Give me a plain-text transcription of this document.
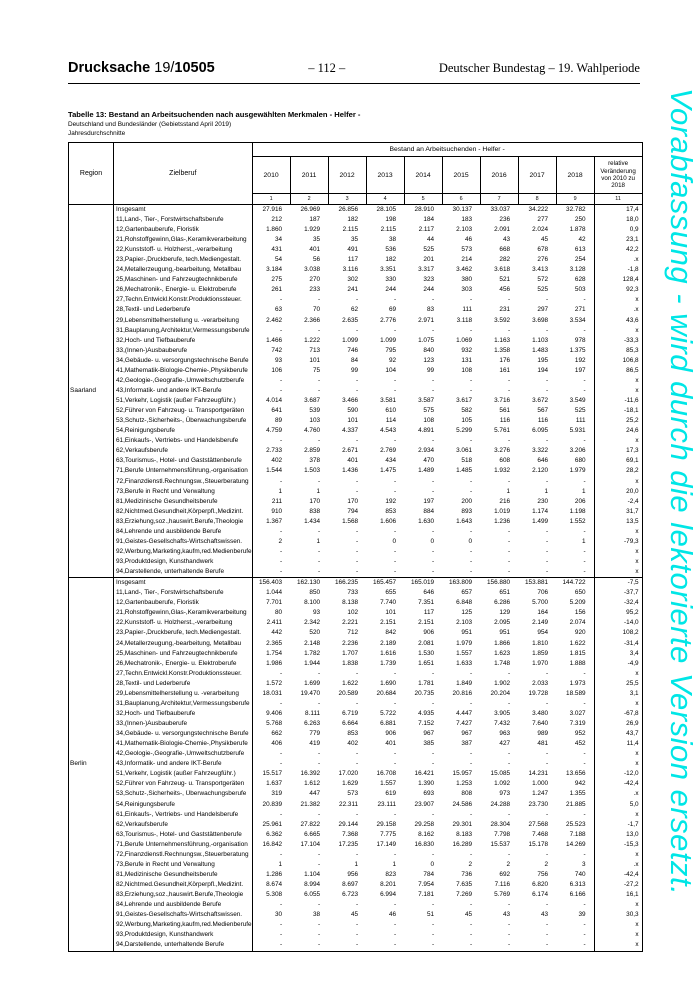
Drucksache 19/10505	– 112 –	Deutscher Bundestag – 19. Wahlperiode
Vorabfassung - wird durch die lektorierte Version ersetzt.
Tabelle 13: Bestand an Arbeitsuchenden nach ausgewählten Merkmalen - Helfer -
Deutschland und Bundesländer (Gebietsstand April 2019)
Jahresdurchschnitte
Region	Zielberuf	Bestand an Arbeitsuchenden - Helfer -									
		2010	2011	2012	2013	2014	2015	2016	2017	2018	relative Veränderung von 2010 zu 2018
		1	2	3	4	5	6	7	8	9	11
Saarland	Insgesamt	27.916	26.969	26.856	28.105	28.910	30.137	33.037	34.222	32.782	17,4
	11,Land-, Tier-, Forstwirtschaftsberufe	212	187	182	198	184	183	236	277	250	18,0
	12,Gartenbauberufe, Floristik	1.860	1.929	2.115	2.115	2.117	2.103	2.091	2.024	1.878	0,9
	21,Rohstoffgewinn,Glas-,Keramikverarbeitung	34	35	35	38	44	46	43	45	42	23,1
	22,Kunststoff- u. Holzherst.,-verarbeitung	431	401	491	536	525	573	668	678	613	42,2
	23,Papier-,Druckberufe, tech.Mediengestalt.	54	56	117	182	201	214	282	276	254	.x
	24,Metallerzeugung,-bearbeitung, Metallbau	3.184	3.038	3.116	3.351	3.317	3.462	3.618	3.413	3.128	-1,8
	25,Maschinen- und Fahrzeugtechnikberufe	275	270	302	330	323	380	521	572	628	128,4
	26,Mechatronik-, Energie- u. Elektroberufe	261	233	241	244	244	303	456	525	503	92,3
	27,Techn.Entwickl.Konstr.Produktionssteuer.	-	-	-	-	-	-	-	-	-	x
	28,Textil- und Lederberufe	63	70	62	69	83	111	231	297	271	.x
	29,Lebensmittelherstellung u. -verarbeitung	2.462	2.366	2.635	2.776	2.971	3.118	3.592	3.698	3.534	43,6
	31,Bauplanung,Architektur,Vermessungsberufe	-	-	-	-	-	-	-	-	-	x
	32,Hoch- und Tiefbauberufe	1.466	1.222	1.099	1.099	1.075	1.069	1.163	1.103	978	-33,3
	33,(Innen-)Ausbauberufe	742	713	746	795	840	932	1.358	1.483	1.375	85,3
	34,Gebäude- u. versorgungstechnische Berufe	93	101	84	92	123	131	176	195	192	106,8
	41,Mathematik-Biologie-Chemie-,Physikberufe	106	75	99	104	99	108	161	194	197	86,5
	42,Geologie-,Geografie-,Umweltschutzberufe	-	-	-	-	-	-	-	-	-	x
	43,Informatik- und andere IKT-Berufe	-	-	-	-	-	-	-	-	-	x
	51,Verkehr, Logistik (außer Fahrzeugführ.)	4.014	3.687	3.466	3.581	3.587	3.617	3.716	3.672	3.549	-11,6
	52,Führer von Fahrzeug- u. Transportgeräten	641	539	590	610	575	582	561	567	525	-18,1
	53,Schutz-,Sicherheits-, Überwachungsberufe	89	103	101	114	108	105	116	116	111	25,2
	54,Reinigungsberufe	4.759	4.760	4.337	4.543	4.891	5.299	5.761	6.095	5.931	24,6
	61,Einkaufs-, Vertriebs- und Handelsberufe	-	-	-	-	-	-	-	-	-	x
	62,Verkaufsberufe	2.733	2.859	2.671	2.769	2.934	3.061	3.276	3.322	3.206	17,3
	63,Tourismus-, Hotel- und Gaststättenberufe	402	378	401	434	470	518	608	646	680	69,1
	71,Berufe Unternehmensführung,-organisation	1.544	1.503	1.436	1.475	1.489	1.485	1.932	2.120	1.979	28,2
	72,Finanzdienstl.Rechnungsw.,Steuerberatung	-	-	-	-	-	-	-	-	-	x
	73,Berufe in Recht und Verwaltung	1	1	-	-	-	-	1	1	1	20,0
	81,Medizinische Gesundheitsberufe	211	170	170	192	197	200	216	230	206	-2,4
	82,Nichtmed.Gesundheit,Körperpfl.,Medizint.	910	838	794	853	884	893	1.019	1.174	1.198	31,7
	83,Erziehung,soz.,hauswirt.Berufe,Theologie	1.367	1.434	1.568	1.606	1.630	1.643	1.236	1.499	1.552	13,5
	84,Lehrende und ausbildende Berufe	-	-	-	-	-	-	-	-	-	x
	91,Geistes-Gesellschafts-Wirtschaftswissen.	2	1	-	0	0	0	-	-	1	-79,3
	92,Werbung,Marketing,kaufm,red.Medienberufe	-	-	-	-	-	-	-	-	-	x
	93,Produktdesign, Kunsthandwerk	-	-	-	-	-	-	-	-	-	x
	94,Darstellende, unterhaltende Berufe	-	-	-	-	-	-	-	-	-	x
Berlin	Insgesamt	156.403	162.130	166.235	165.457	165.019	163.809	156.880	153.881	144.722	-7,5
	11,Land-, Tier-, Forstwirtschaftsberufe	1.044	850	733	655	646	657	651	706	650	-37,7
	12,Gartenbauberufe, Floristik	7.701	8.100	8.138	7.740	7.351	6.848	6.286	5.700	5.209	-32,4
	21,Rohstoffgewinn,Glas-,Keramikverarbeitung	80	93	102	101	117	125	129	164	156	95,2
	22,Kunststoff- u. Holzherst.,-verarbeitung	2.411	2.342	2.221	2.151	2.151	2.103	2.095	2.149	2.074	-14,0
	23,Papier-,Druckberufe, tech.Mediengestalt.	442	520	712	842	906	951	951	954	920	108,2
	24,Metallerzeugung,-bearbeitung, Metallbau	2.365	2.148	2.236	2.189	2.081	1.979	1.866	1.810	1.622	-31,4
	25,Maschinen- und Fahrzeugtechnikberufe	1.754	1.782	1.707	1.616	1.530	1.557	1.623	1.859	1.815	3,4
	26,Mechatronik-, Energie- u. Elektroberufe	1.986	1.944	1.838	1.739	1.651	1.633	1.748	1.970	1.888	-4,9
	27,Techn.Entwickl.Konstr.Produktionssteuer.	-	-	-	-	-	-	-	-	-	x
	28,Textil- und Lederberufe	1.572	1.699	1.622	1.690	1.781	1.849	1.902	2.033	1.973	25,5
	29,Lebensmittelherstellung u. -verarbeitung	18.031	19.470	20.589	20.684	20.735	20.816	20.204	19.728	18.589	3,1
	31,Bauplanung,Architektur,Vermessungsberufe	-	-	-	-	-	-	-	-	-	x
	32,Hoch- und Tiefbauberufe	9.406	8.111	6.719	5.722	4.935	4.447	3.905	3.480	3.027	-67,8
	33,(Innen-)Ausbauberufe	5.768	6.263	6.664	6.881	7.152	7.427	7.432	7.640	7.319	26,9
	34,Gebäude- u. versorgungstechnische Berufe	662	779	853	906	967	967	963	989	952	43,7
	41,Mathematik-Biologie-Chemie-,Physikberufe	406	419	402	401	385	387	427	481	452	11,4
	42,Geologie-,Geografie-,Umweltschutzberufe	-	-	-	-	-	-	-	-	-	x
	43,Informatik- und andere IKT-Berufe	-	-	-	-	-	-	-	-	-	x
	51,Verkehr, Logistik (außer Fahrzeugführ.)	15.517	16.392	17.020	16.708	16.421	15.957	15.085	14.231	13.656	-12,0
	52,Führer von Fahrzeug- u. Transportgeräten	1.637	1.612	1.629	1.557	1.390	1.253	1.092	1.000	942	-42,4
	53,Schutz-,Sicherheits-, Überwachungsberufe	319	447	573	619	693	808	973	1.247	1.355	.x
	54,Reinigungsberufe	20.839	21.382	22.311	23.111	23.907	24.586	24.288	23.730	21.885	5,0
	61,Einkaufs-, Vertriebs- und Handelsberufe	-	-	-	-	-	-	-	-	-	x
	62,Verkaufsberufe	25.961	27.822	29.144	29.158	29.258	29.301	28.304	27.568	25.523	-1,7
	63,Tourismus-, Hotel- und Gaststättenberufe	6.362	6.665	7.368	7.775	8.162	8.183	7.798	7.468	7.188	13,0
	71,Berufe Unternehmensführung,-organisation	16.842	17.104	17.235	17.149	16.830	16.289	15.537	15.178	14.269	-15,3
	72,Finanzdienstl.Rechnungsw.,Steuerberatung	-	-	-	-	-	-	-	-	-	x
	73,Berufe in Recht und Verwaltung	1	-	1	1	0	2	2	2	3	.x
	81,Medizinische Gesundheitsberufe	1.286	1.104	956	823	784	736	692	756	740	-42,4
	82,Nichtmed.Gesundheit,Körperpfl.,Medizint.	8.674	8.994	8.697	8.201	7.954	7.635	7.116	6.820	6.313	-27,2
	83,Erziehung,soz.,hauswirt.Berufe,Theologie	5.308	6.055	6.723	6.994	7.181	7.269	5.769	6.174	6.166	16,1
	84,Lehrende und ausbildende Berufe	-	-	-	-	-	-	-	-	-	x
	91,Geistes-Gesellschafts-Wirtschaftswissen.	30	38	45	46	51	45	43	43	39	30,3
	92,Werbung,Marketing,kaufm,red.Medienberufe	-	-	-	-	-	-	-	-	-	x
	93,Produktdesign, Kunsthandwerk	-	-	-	-	-	-	-	-	-	x
	94,Darstellende, unterhaltende Berufe	-	-	-	-	-	-	-	-	-	x
